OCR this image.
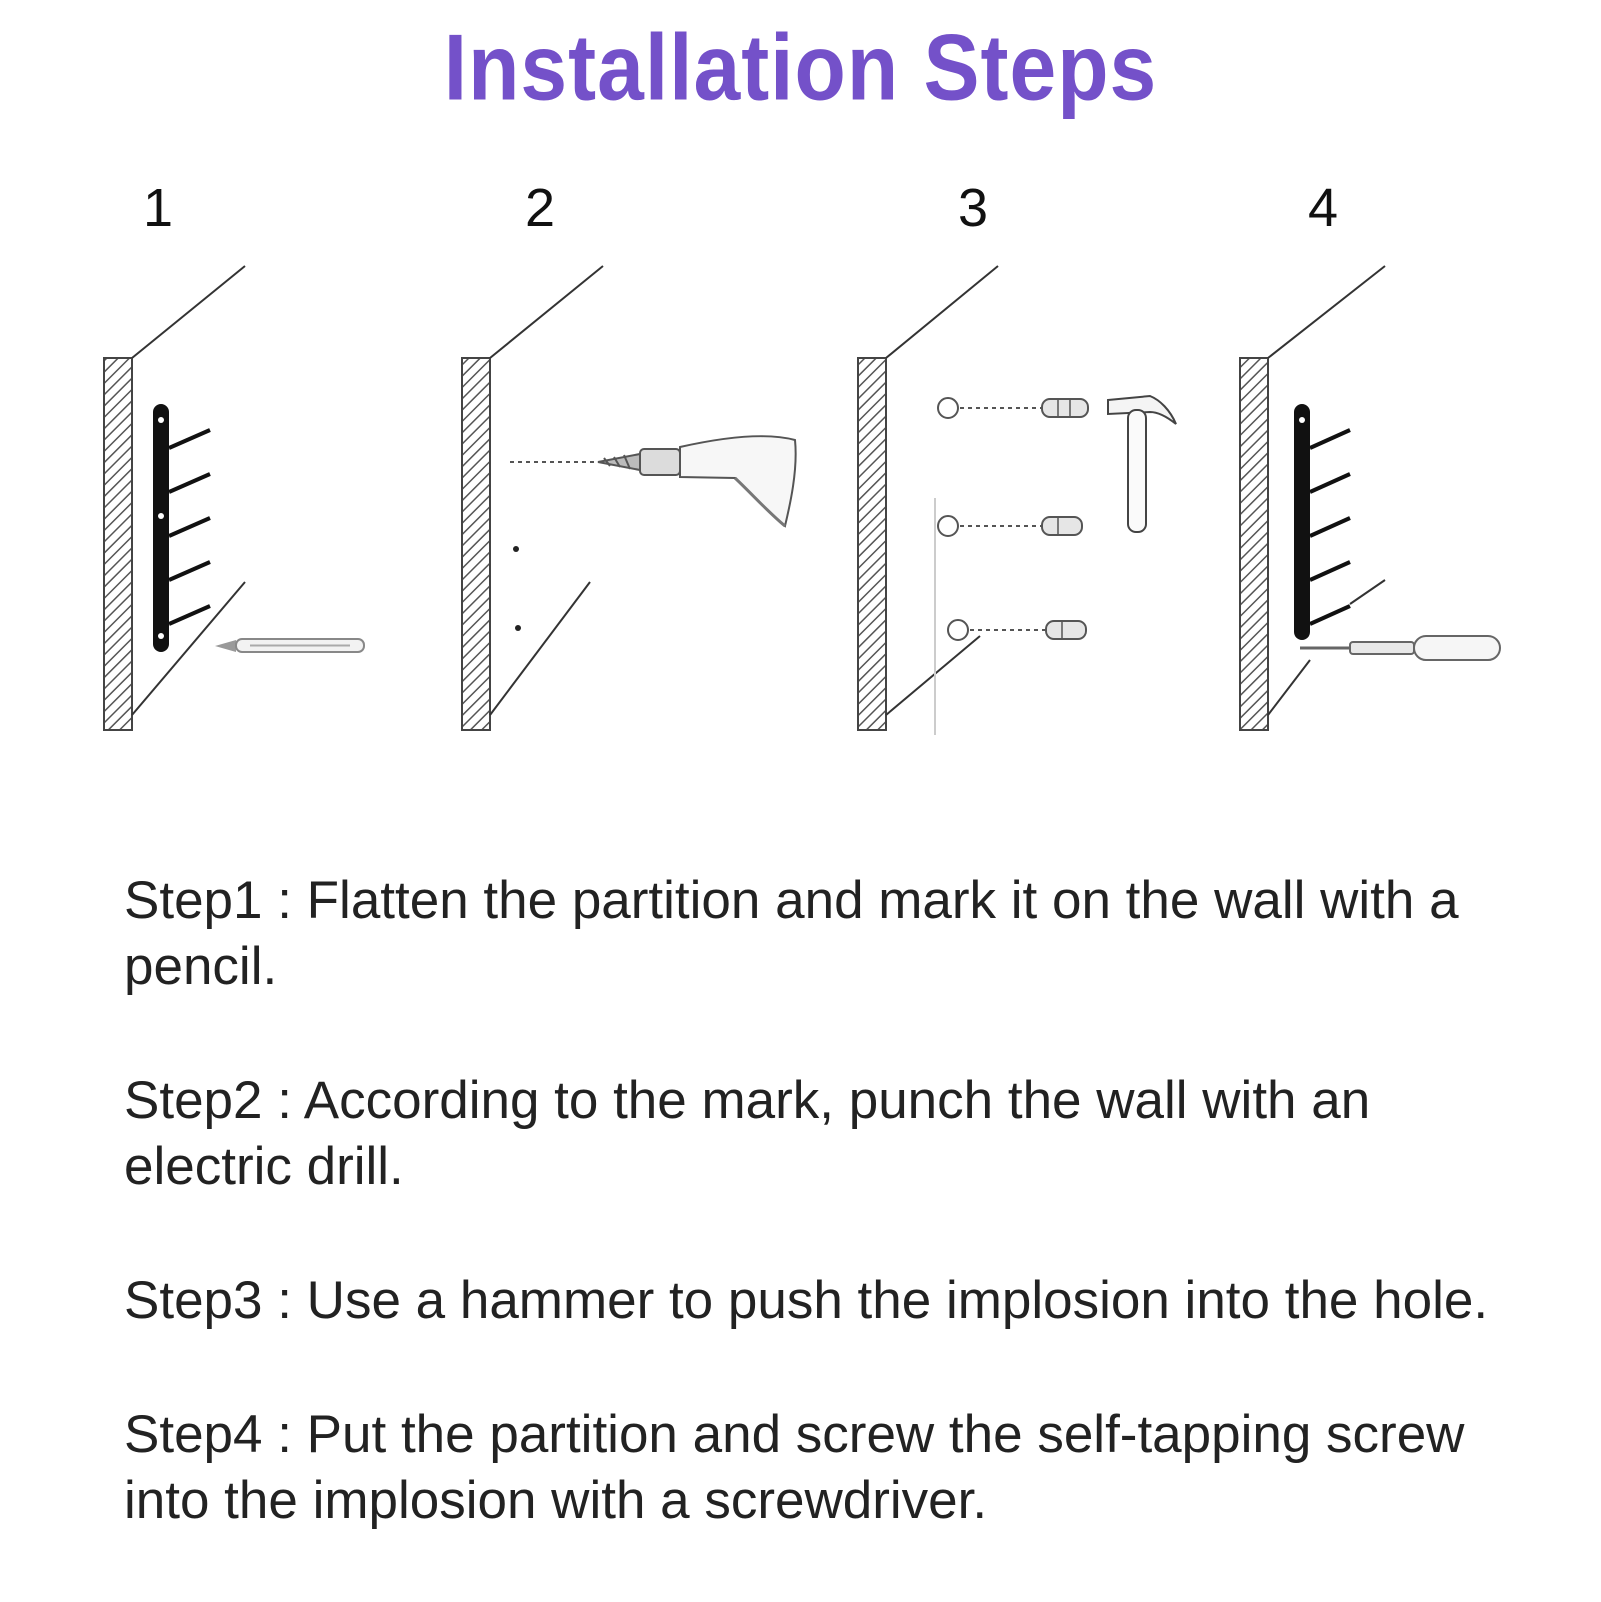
Installation Steps
1	2	3	4

Step1 : Flatten the partition and mark it on the wall with a pencil.

Step2 : According to the mark, punch the wall with an electric drill.

Step3 : Use a hammer to push the implosion into the hole.

Step4 : Put the partition and screw the self-tapping screw into the implosion with a screwdriver.
